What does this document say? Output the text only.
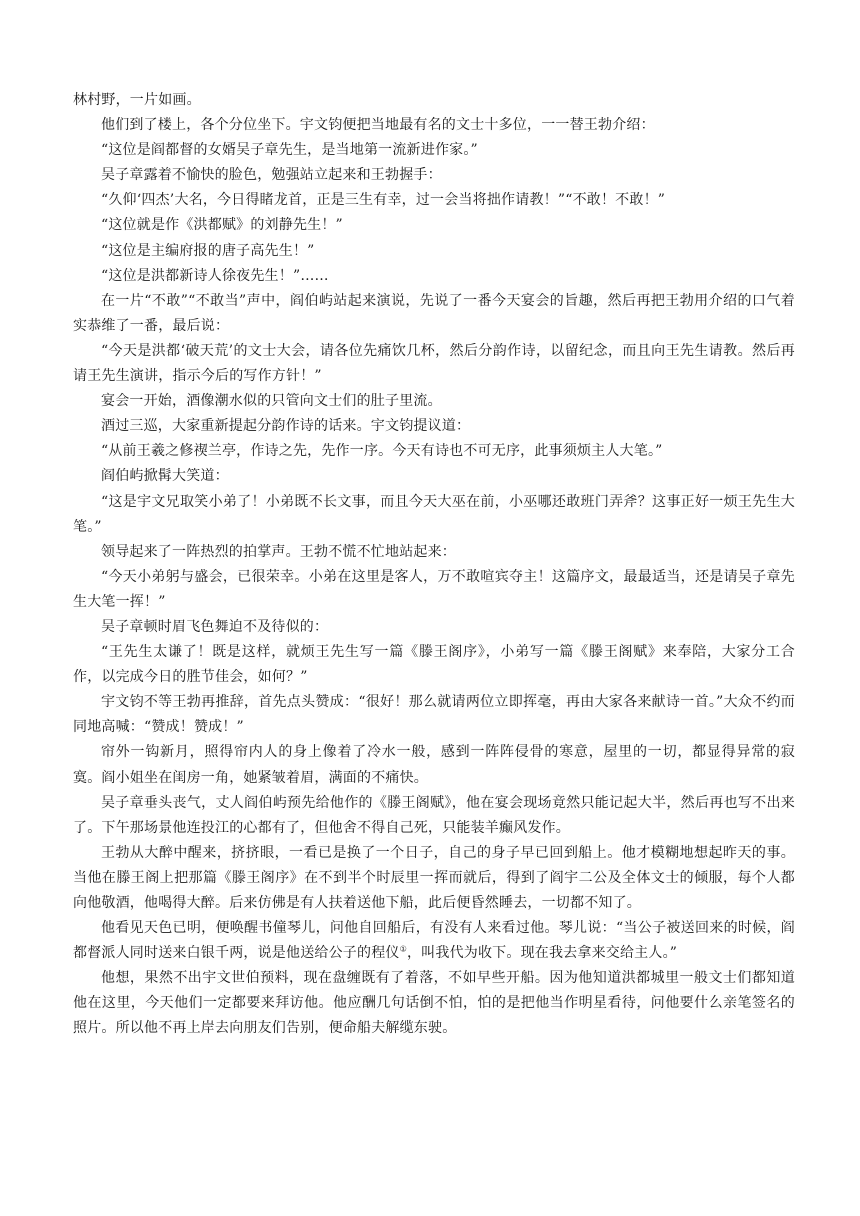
林村野，一片如画。

他们到了楼上，各个分位坐下。宇文钧便把当地最有名的文士十多位，一一替王勃介绍：

“这位是阎都督的女婿吴子章先生，是当地第一流新进作家。”

吴子章露着不愉快的脸色，勉强站立起来和王勃握手：

“久仰‘四杰’大名，今日得睹龙首，正是三生有幸，过一会当将拙作请教！”“不敢！不敢！”

“这位就是作《洪都赋》的刘静先生！”

“这位是主编府报的唐子高先生！”

“这位是洪都新诗人徐夜先生！”……

在一片“不敢”“不敢当”声中，阎伯屿站起来演说，先说了一番今天宴会的旨趣，然后再把王勃用介绍的口气着实恭维了一番，最后说：

“今天是洪都‘破天荒’的文士大会，请各位先痛饮几杯，然后分韵作诗，以留纪念，而且向王先生请教。然后再请王先生演讲，指示今后的写作方针！”

宴会一开始，酒像潮水似的只管向文士们的肚子里流。

酒过三巡，大家重新提起分韵作诗的话来。宇文钧提议道：

“从前王羲之修禊兰亭，作诗之先，先作一序。今天有诗也不可无序，此事须烦主人大笔。”

阎伯屿掀髯大笑道：

“这是宇文兄取笑小弟了！小弟既不长文事，而且今天大巫在前，小巫哪还敢班门弄斧？这事正好一烦王先生大笔。”

领导起来了一阵热烈的拍掌声。王勃不慌不忙地站起来：

“今天小弟躬与盛会，已很荣幸。小弟在这里是客人，万不敢喧宾夺主！这篇序文，最最适当，还是请吴子章先生大笔一挥！”

吴子章顿时眉飞色舞迫不及待似的：

“王先生太谦了！既是这样，就烦王先生写一篇《滕王阁序》，小弟写一篇《滕王阁赋》来奉陪，大家分工合作，以完成今日的胜节佳会，如何？”

宇文钧不等王勃再推辞，首先点头赞成：“很好！那么就请两位立即挥毫，再由大家各来献诗一首。”大众不约而同地高喊：“赞成！赞成！”

帘外一钩新月，照得帘内人的身上像着了冷水一般，感到一阵阵侵骨的寒意，屋里的一切，都显得异常的寂寞。阎小姐坐在闺房一角，她紧皱着眉，满面的不痛快。

吴子章垂头丧气，丈人阎伯屿预先给他作的《滕王阁赋》，他在宴会现场竟然只能记起大半，然后再也写不出来了。下午那场景他连投江的心都有了，但他舍不得自己死，只能装羊癫风发作。

王勃从大醉中醒来，挤挤眼，一看已是换了一个日子，自己的身子早已回到船上。他才模糊地想起昨天的事。当他在滕王阁上把那篇《滕王阁序》在不到半个时辰里一挥而就后，得到了阎宇二公及全体文士的倾服，每个人都向他敬酒，他喝得大醉。后来仿佛是有人扶着送他下船，此后便昏然睡去，一切都不知了。

他看见天色已明，便唤醒书僮琴儿，问他自回船后，有没有人来看过他。琴儿说：“当公子被送回来的时候，阎都督派人同时送来白银千两，说是他送给公子的程仪①，叫我代为收下。现在我去拿来交给主人。”

他想，果然不出宇文世伯预料，现在盘缠既有了着落，不如早些开船。因为他知道洪都城里一般文士们都知道他在这里，今天他们一定都要来拜访他。他应酬几句话倒不怕，怕的是把他当作明星看待，问他要什么亲笔签名的照片。所以他不再上岸去向朋友们告别，便命船夫解缆东驶。
